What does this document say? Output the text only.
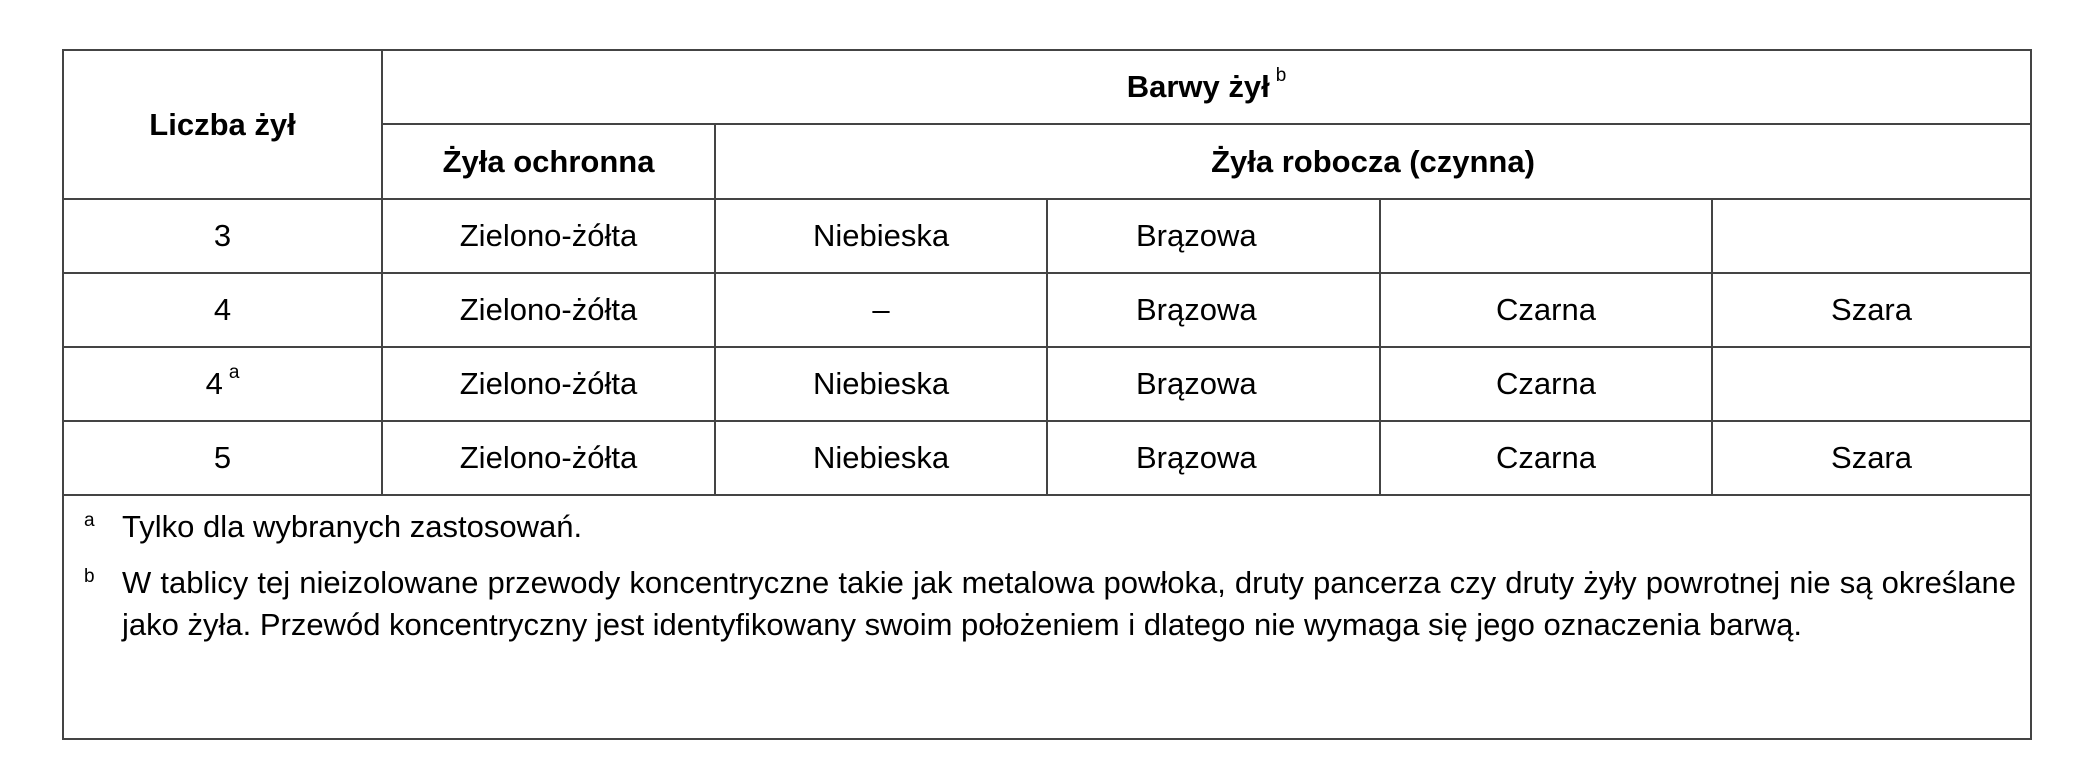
Liczba żył	Barwy żył $^b$
	Żyła ochronna	Żyła robocza (czynna)			
3	Zielono-żółta	Niebieska	Brązowa		
4	Zielono-żółta	–	Brązowa	Czarna	Szara
4 $^a$	Zielono-żółta	Niebieska	Brązowa	Czarna	
5	Zielono-żółta	Niebieska	Brązowa	Czarna	Szara

a Tylko dla wybranych zastosowań.
b W tablicy tej nieizolowane przewody koncentryczne takie jak metalowa powłoka, druty pancerza czy druty żyły powrotnej nie są określane jako żyła. Przewód koncentryczny jest identyfikowany swoim położeniem i dlatego nie wymaga się jego oznaczenia barwą.					
